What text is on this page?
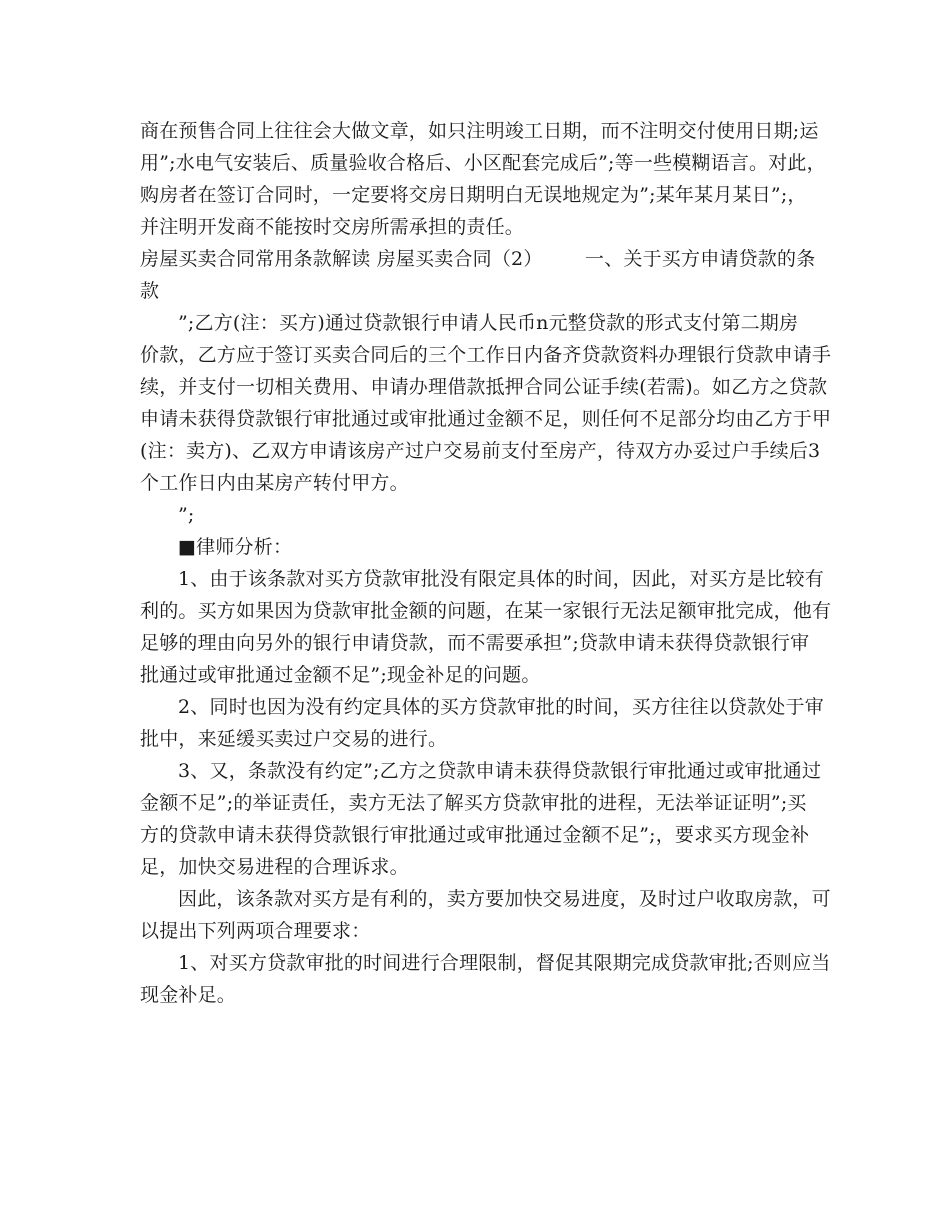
商在预售合同上往往会大做文章，如只注明竣工日期，而不注明交付使用日期;运
用”;水电气安装后、质量验收合格后、小区配套完成后”;等一些模糊语言。对此，
购房者在签订合同时，一定要将交房日期明白无误地规定为”;某年某月某日”;，
并注明开发商不能按时交房所需承担的责任。
房屋买卖合同常用条款解读 房屋买卖合同（2） 一、关于买方申请贷款的条
款
”;乙方(注：买方)通过贷款银行申请人民币n元整贷款的形式支付第二期房
价款，乙方应于签订买卖合同后的三个工作日内备齐贷款资料办理银行贷款申请手
续，并支付一切相关费用、申请办理借款抵押合同公证手续(若需)。如乙方之贷款
申请未获得贷款银行审批通过或审批通过金额不足，则任何不足部分均由乙方于甲
(注：卖方)、乙双方申请该房产过户交易前支付至房产，待双方办妥过户手续后3
个工作日内由某房产转付甲方。
”;
■律师分析：
1、由于该条款对买方贷款审批没有限定具体的时间，因此，对买方是比较有
利的。买方如果因为贷款审批金额的问题，在某一家银行无法足额审批完成，他有
足够的理由向另外的银行申请贷款，而不需要承担”;贷款申请未获得贷款银行审
批通过或审批通过金额不足”;现金补足的问题。
2、同时也因为没有约定具体的买方贷款审批的时间，买方往往以贷款处于审
批中，来延缓买卖过户交易的进行。
3、又，条款没有约定”;乙方之贷款申请未获得贷款银行审批通过或审批通过
金额不足”;的举证责任，卖方无法了解买方贷款审批的进程，无法举证证明”;买
方的贷款申请未获得贷款银行审批通过或审批通过金额不足”;，要求买方现金补
足，加快交易进程的合理诉求。
因此，该条款对买方是有利的，卖方要加快交易进度，及时过户收取房款，可
以提出下列两项合理要求：
1、对买方贷款审批的时间进行合理限制，督促其限期完成贷款审批;否则应当
现金补足。
